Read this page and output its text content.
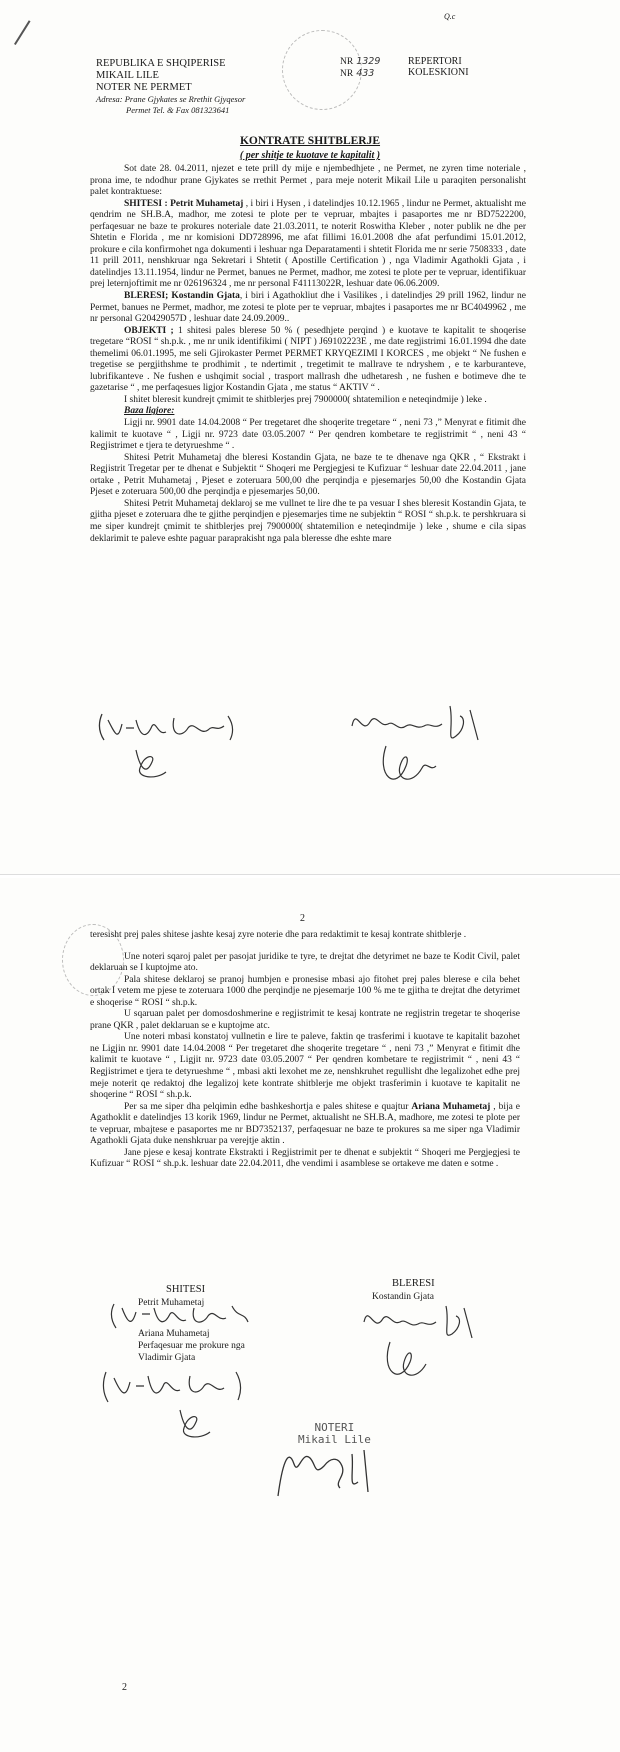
Q.c
REPUBLIKA E SHQIPERISE
MIKAIL LILE
NOTER NE PERMET
Adresa: Prane Gjykates se Rrethit Gjyqesor
Permet Tel. & Fax 081323641
NR 1329
NR 433
REPERTORI
KOLESKIONI
KONTRATE SHITBLERJE
( per shitje te kuotave te kapitalit )

Sot date 28. 04.2011, njezet e tete prill dy mije e njembedhjete , ne Permet, ne zyren time noteriale , prona ime, te ndodhur prane Gjykates se rrethit Permet , para meje noterit Mikail Lile u paraqiten personalisht palet kontraktuese:

SHITESI : Petrit Muhametaj , i biri i Hysen , i datelindjes 10.12.1965 , lindur ne Permet, aktualisht me qendrim ne SH.B.A, madhor, me zotesi te plote per te vepruar, mbajtes i pasaportes me nr BD7522200, perfaqesuar ne baze te prokures noteriale date 21.03.2011, te noterit Roswitha Kleber , noter publik ne dhe per Shtetin e Florida , me nr komisioni DD728996, me afat fillimi 16.01.2008 dhe afat perfundimi 15.01.2012, prokure e cila konfirmohet nga dokumenti i leshuar nga Deparatamenti i shtetit Florida me nr serie 7508333 , date 11 prill 2011, nenshkruar nga Sekretari i Shtetit ( Apostille Certification ) , nga Vladimir Agathokli Gjata , i datelindjes 13.11.1954, lindur ne Permet, banues ne Permet, madhor, me zotesi te plote per te vepruar, identifikuar prej leternjoftimit me nr 026196324 , me nr personal F41113022R, leshuar date 06.06.2009.

BLERESI; Kostandin Gjata, i biri i Agathokliut dhe i Vasilikes , i datelindjes 29 prill 1962, lindur ne Permet, banues ne Permet, madhor, me zotesi te plote per te vepruar, mbajtes i pasaportes me nr BC4049962 , me nr personal G20429057D , leshuar date 24.09.2009..

OBJEKTI ; 1 shitesi pales blerese 50 % ( pesedhjete perqind ) e kuotave te kapitalit te shoqerise tregetare “ROSI “ sh.p.k. , me nr unik identifikimi ( NIPT ) J69102223E , me date regjistrimi 16.01.1994 dhe date themelimi 06.01.1995, me seli Gjirokaster Permet PERMET KRYQEZIMI I KORCES , me objekt “ Ne fushen e tregetise se pergjithshme te prodhimit , te ndertimit , tregetimit te mallrave te ndryshem , e te karburanteve, lubrifikanteve . Ne fushen e ushqimit social , trasport mallrash dhe udhetaresh , ne fushen e botimeve dhe te gazetarise “ , me perfaqesues ligjor Kostandin Gjata , me status “ AKTIV “ .

I shitet bleresit kundrejt çmimit te shitblerjes prej 7900000( shtatemilion e neteqindmije ) leke .

Baza ligjore:

Ligji nr. 9901 date 14.04.2008 “ Per tregetaret dhe shoqerite tregetare “ , neni 73 ,” Menyrat e fitimit dhe kalimit te kuotave “ , Ligji nr. 9723 date 03.05.2007 “ Per qendren kombetare te regjistrimit “ , neni 43 “ Regjistrimet e tjera te detyrueshme “ .

Shitesi Petrit Muhametaj dhe bleresi Kostandin Gjata, ne baze te te dhenave nga QKR , “ Ekstrakt i Regjistrit Tregetar per te dhenat e Subjektit “ Shoqeri me Pergjegjesi te Kufizuar “ leshuar date 22.04.2011 , jane ortake , Petrit Muhametaj , Pjeset e zoteruara 500,00 dhe perqindja e pjesemarjes 50,00 dhe Kostandin Gjata Pjeset e zoteruara 500,00 dhe perqindja e pjesemarjes 50,00.

Shitesi Petrit Muhametaj deklaroj se me vullnet te lire dhe te pa vesuar I shes bleresit Kostandin Gjata, te gjitha pjeset e zoteruara dhe te gjithe perqindjen e pjesemarjes time ne subjektin “ ROSI “ sh.p.k. te pershkruara si me siper kundrejt çmimit te shitblerjes prej 7900000( shtatemilion e neteqindmije ) leke , shume e cila sipas deklarimit te paleve eshte paguar paraprakisht nga pala bleresse dhe eshte mare

2

teresisht prej pales shitese jashte kesaj zyre noterie dhe para redaktimit te kesaj kontrate shitblerje .

Une noteri sqaroj palet per pasojat juridike te tyre, te drejtat dhe detyrimet ne baze te Kodit Civil, palet deklaruan se I kuptojme ato.

Pala shitese deklaroj se pranoj humbjen e pronesise mbasi ajo fitohet prej pales blerese e cila behet ortak I vetem me pjese te zoteruara 1000 dhe perqindje ne pjesemarje 100 % me te gjitha te drejtat dhe detyrimet e shoqerise “ ROSI “ sh.p.k.

U sqaruan palet per domosdoshmerine e regjistrimit te kesaj kontrate ne regjistrin tregetar te shoqerise prane QKR , palet deklaruan se e kuptojme atc.

Une noteri mbasi konstatoj vullnetin e lire te paleve, faktin qe trasferimi i kuotave te kapitalit bazohet ne Ligjin nr. 9901 date 14.04.2008 “ Per tregetaret dhe shoqerite tregetare “ , neni 73 ,” Menyrat e fitimit dhe kalimit te kuotave “ , Ligjit nr. 9723 date 03.05.2007 “ Per qendren kombetare te regjistrimit “ , neni 43 “ Regjistrimet e tjera te detyrueshme “ , mbasi akti lexohet me ze, nenshkruhet regullisht dhe legalizohet edhe prej meje noterit qe redaktoj dhe legalizoj kete kontrate shitblerje me objekt trasferimin i kuotave te kapitalit ne shoqerine “ ROSI “ sh.p.k.

Per sa me siper dha pelqimin edhe bashkeshortja e pales shitese e quajtur Ariana Muhametaj , bija e Agathoklit e datelindjes 13 korik 1969, lindur ne Permet, aktualisht ne SH.B.A, madhore, me zotesi te plote per te vepruar, mbajtese e pasaportes me nr BD7352137, perfaqesuar ne baze te prokures sa me siper nga Vladimir Agathokli Gjata duke nenshkruar pa verejtje aktin .

Jane pjese e kesaj kontrate Ekstrakti i Regjistrimit per te dhenat e subjektit “ Shoqeri me Pergjegjesi te Kufizuar “ ROSI “ sh.p.k. leshuar date 22.04.2011, dhe vendimi i asamblese se ortakeve me daten e sotme .

SHITESI
BLERESI
Petrit Muhametaj
Kostandin Gjata
Ariana Muhametaj
Perfaqesuar me prokure nga
Vladimir Gjata
NOTERI
Mikail Lile
2
